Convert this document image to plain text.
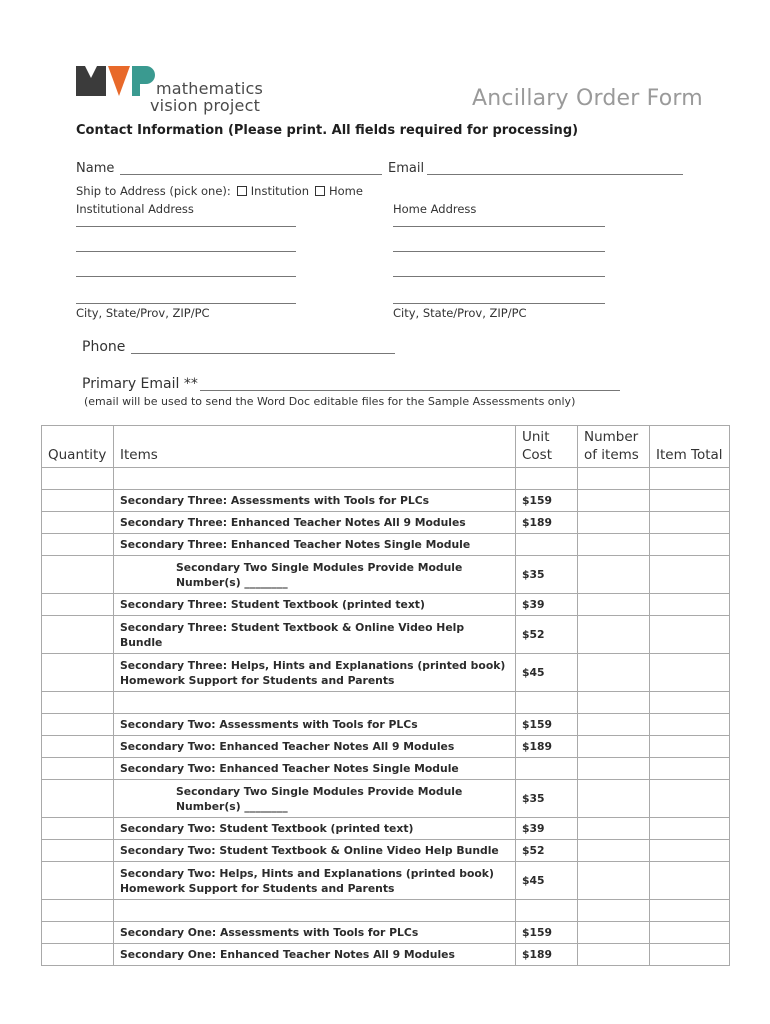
mathematics
vision project	Ancillary Order Form
Contact Information (Please print. All fields required for processing)
Name	Email
Ship to Address (pick one): Institution Home
Institutional Address	Home Address
City, State/Prov, ZIP/PC	City, State/Prov, ZIP/PC
Phone
Primary Email **
(email will be used to send the Word Doc editable files for the Sample Assessments only)
Quantity	Items	Unit Cost	Number of items	Item Total

	Secondary Three: Assessments with Tools for PLCs	$159		
	Secondary Three: Enhanced Teacher Notes All 9 Modules	$189		
	Secondary Three: Enhanced Teacher Notes Single Module			
	Secondary Two Single Modules Provide Module Number(s) ________	$35		
	Secondary Three: Student Textbook (printed text)	$39		
	Secondary Three: Student Textbook & Online Video Help Bundle	$52		
	Secondary Three: Helps, Hints and Explanations (printed book) Homework Support for Students and Parents	$45		

	Secondary Two: Assessments with Tools for PLCs	$159		
	Secondary Two: Enhanced Teacher Notes All 9 Modules	$189		
	Secondary Two: Enhanced Teacher Notes Single Module			
	Secondary Two Single Modules Provide Module Number(s) ________	$35		
	Secondary Two: Student Textbook (printed text)	$39		
	Secondary Two: Student Textbook & Online Video Help Bundle	$52		
	Secondary Two: Helps, Hints and Explanations (printed book) Homework Support for Students and Parents	$45		

	Secondary One: Assessments with Tools for PLCs	$159		
	Secondary One: Enhanced Teacher Notes All 9 Modules	$189		
